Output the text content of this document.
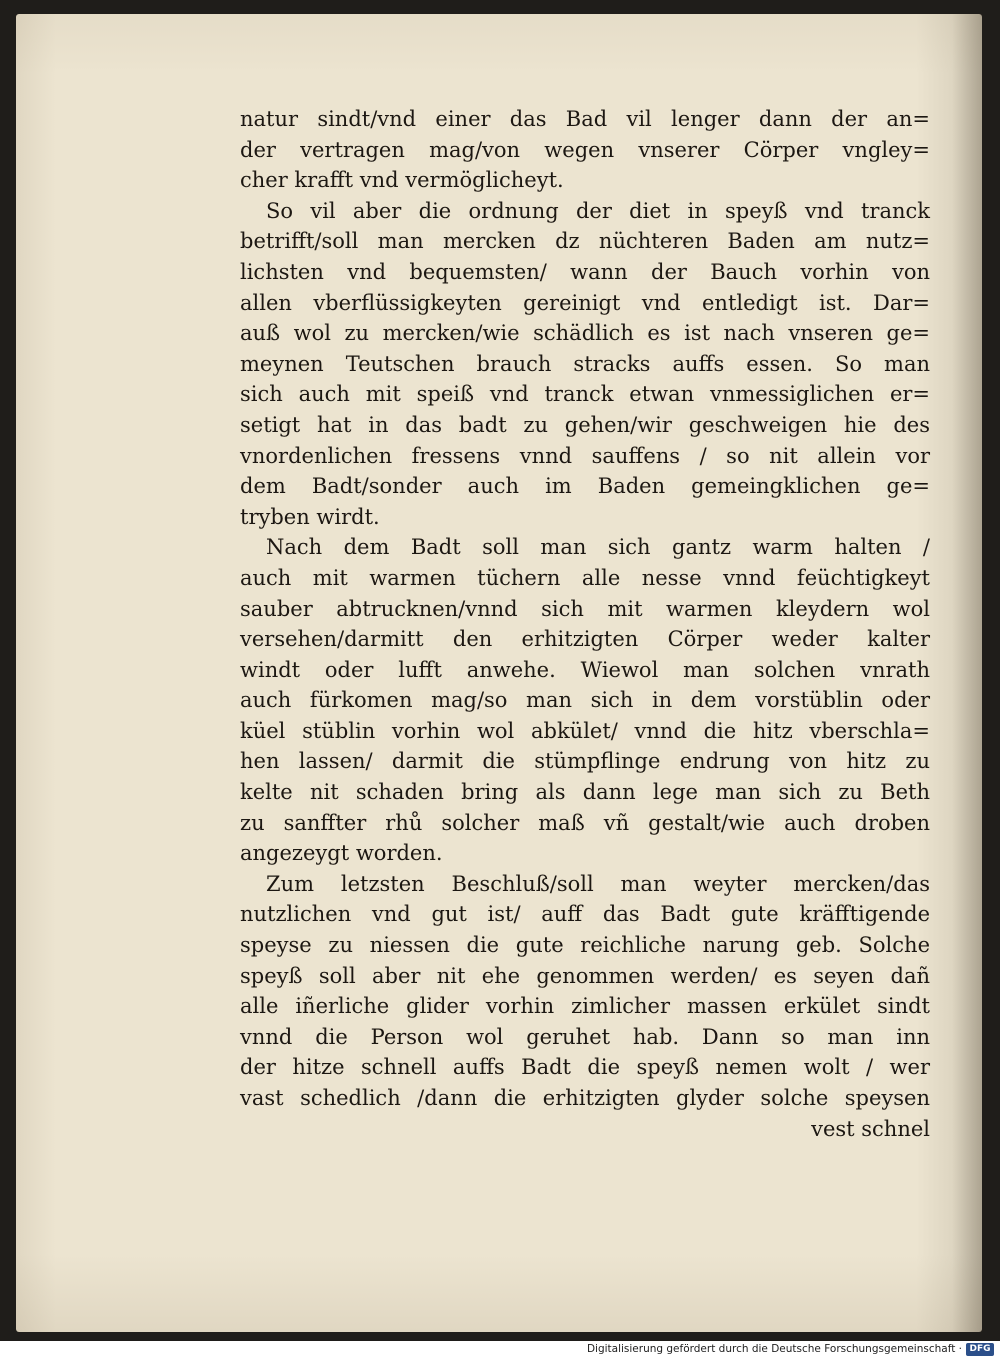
natur sindt/vnd einer das Bad vil lenger dann der an=
der vertragen mag/von wegen vnserer Cörper vngley=
cher krafft vnd vermöglicheyt.
So vil aber die ordnung der diet in speyß vnd tranck
betrifft/soll man mercken dz nüchteren Baden am nutz=
lichsten vnd bequemsten/ wann der Bauch vorhin von
allen vberflüssigkeyten gereinigt vnd entledigt ist. Dar=
auß wol zu mercken/wie schädlich es ist nach vnseren ge=
meynen Teutschen brauch stracks auffs essen. So man
sich auch mit speiß vnd tranck etwan vnmessiglichen er=
setigt hat in das badt zu gehen/wir geschweigen hie des
vnordenlichen fressens vnnd sauffens / so nit allein vor
dem Badt/sonder auch im Baden gemeingklichen ge=
tryben wirdt.
Nach dem Badt soll man sich gantz warm halten /
auch mit warmen tüchern alle nesse vnnd feüchtigkeyt
sauber abtrucknen/vnnd sich mit warmen kleydern wol
versehen/darmitt den erhitzigten Cörper weder kalter
windt oder lufft anwehe. Wiewol man solchen vnrath
auch fürkomen mag/so man sich in dem vorstüblin oder
küel stüblin vorhin wol abkület/ vnnd die hitz vberschla=
hen lassen/ darmit die stümpflinge endrung von hitz zu
kelte nit schaden bring als dann lege man sich zu Beth
zu sanffter rhů solcher maß vñ gestalt/wie auch droben
angezeygt worden.
Zum letzsten Beschluß/soll man weyter mercken/das
nutzlichen vnd gut ist/ auff das Badt gute kräfftigende
speyse zu niessen die gute reichliche narung geb. Solche
speyß soll aber nit ehe genommen werden/ es seyen dañ
alle iñerliche glider vorhin zimlicher massen erkület sindt
vnnd die Person wol geruhet hab. Dann so man inn
der hitze schnell auffs Badt die speyß nemen wolt / wer
vast schedlich /dann die erhitzigten glyder solche speysen
vest schnel
Digitalisierung gefördert durch die Deutsche Forschungsgemeinschaft · DFG
